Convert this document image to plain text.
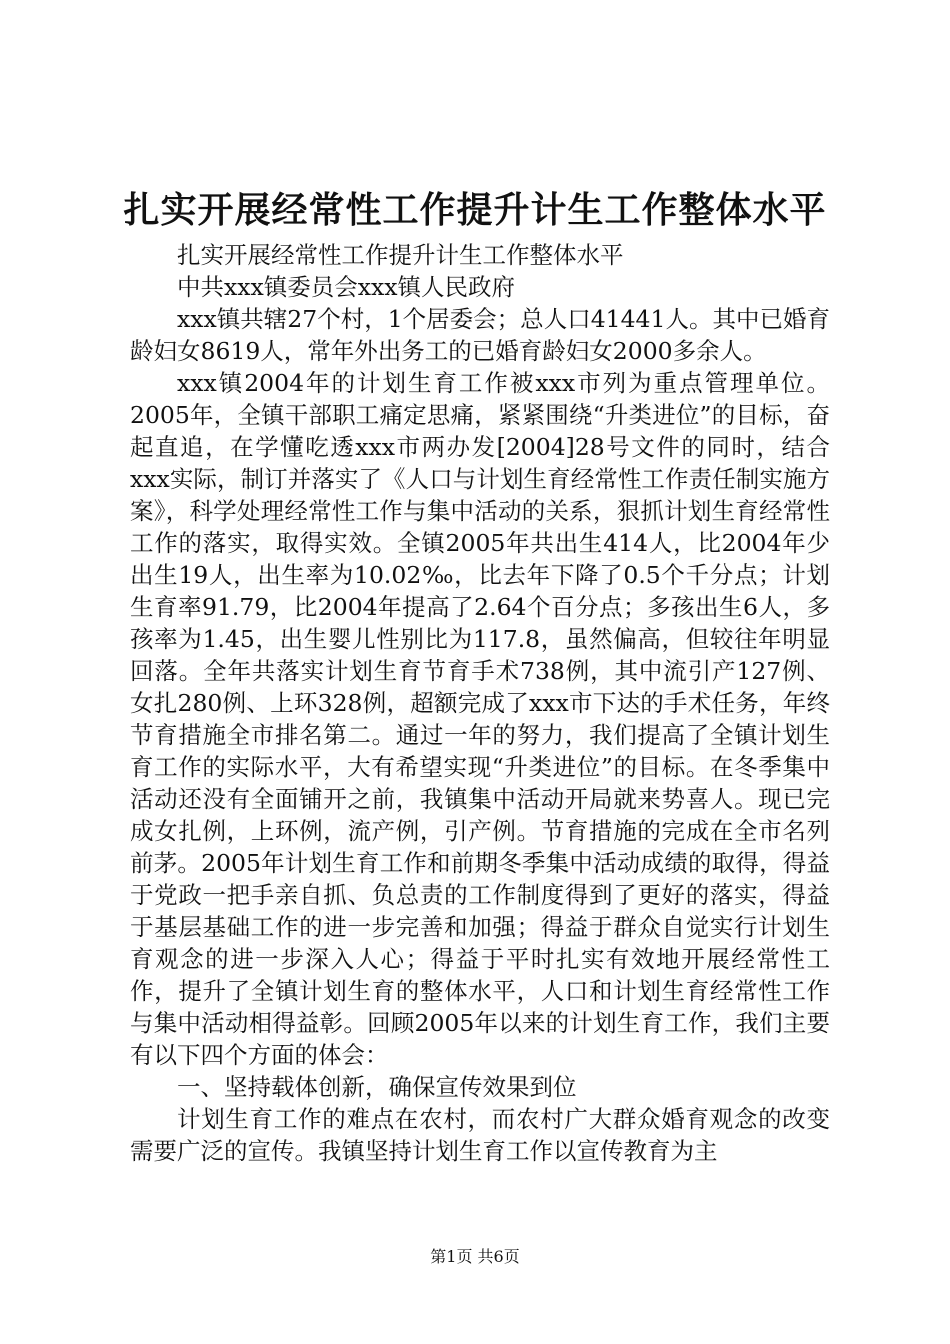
扎实开展经常性工作提升计生工作整体水平

扎实开展经常性工作提升计生工作整体水平

中共xxx镇委员会xxx镇人民政府

xxx镇共辖27个村，1个居委会；总人口41441人。其中已婚育龄妇女8619人，常年外出务工的已婚育龄妇女2000多余人。

xxx镇2004年的计划生育工作被xxx市列为重点管理单位。2005年，全镇干部职工痛定思痛，紧紧围绕“升类进位”的目标，奋起直追，在学懂吃透xxx市两办发[2004]28号文件的同时，结合xxx实际，制订并落实了《人口与计划生育经常性工作责任制实施方案》，科学处理经常性工作与集中活动的关系，狠抓计划生育经常性工作的落实，取得实效。全镇2005年共出生414人，比2004年少出生19人，出生率为10.02‰，比去年下降了0.5个千分点；计划生育率91.79，比2004年提高了2.64个百分点；多孩出生6人，多孩率为1.45，出生婴儿性别比为117.8，虽然偏高，但较往年明显回落。全年共落实计划生育节育手术738例，其中流引产127例、女扎280例、上环328例，超额完成了xxx市下达的手术任务，年终节育措施全市排名第二。通过一年的努力，我们提高了全镇计划生育工作的实际水平，大有希望实现“升类进位”的目标。在冬季集中活动还没有全面铺开之前，我镇集中活动开局就来势喜人。现已完成女扎例，上环例，流产例，引产例。节育措施的完成在全市名列前茅。2005年计划生育工作和前期冬季集中活动成绩的取得，得益于党政一把手亲自抓、负总责的工作制度得到了更好的落实，得益于基层基础工作的进一步完善和加强；得益于群众自觉实行计划生育观念的进一步深入人心；得益于平时扎实有效地开展经常性工作，提升了全镇计划生育的整体水平，人口和计划生育经常性工作与集中活动相得益彰。回顾2005年以来的计划生育工作，我们主要有以下四个方面的体会：

一、坚持载体创新，确保宣传效果到位

计划生育工作的难点在农村，而农村广大群众婚育观念的改变需要广泛的宣传。我镇坚持计划生育工作以宣传教育为主

第1页 共6页
